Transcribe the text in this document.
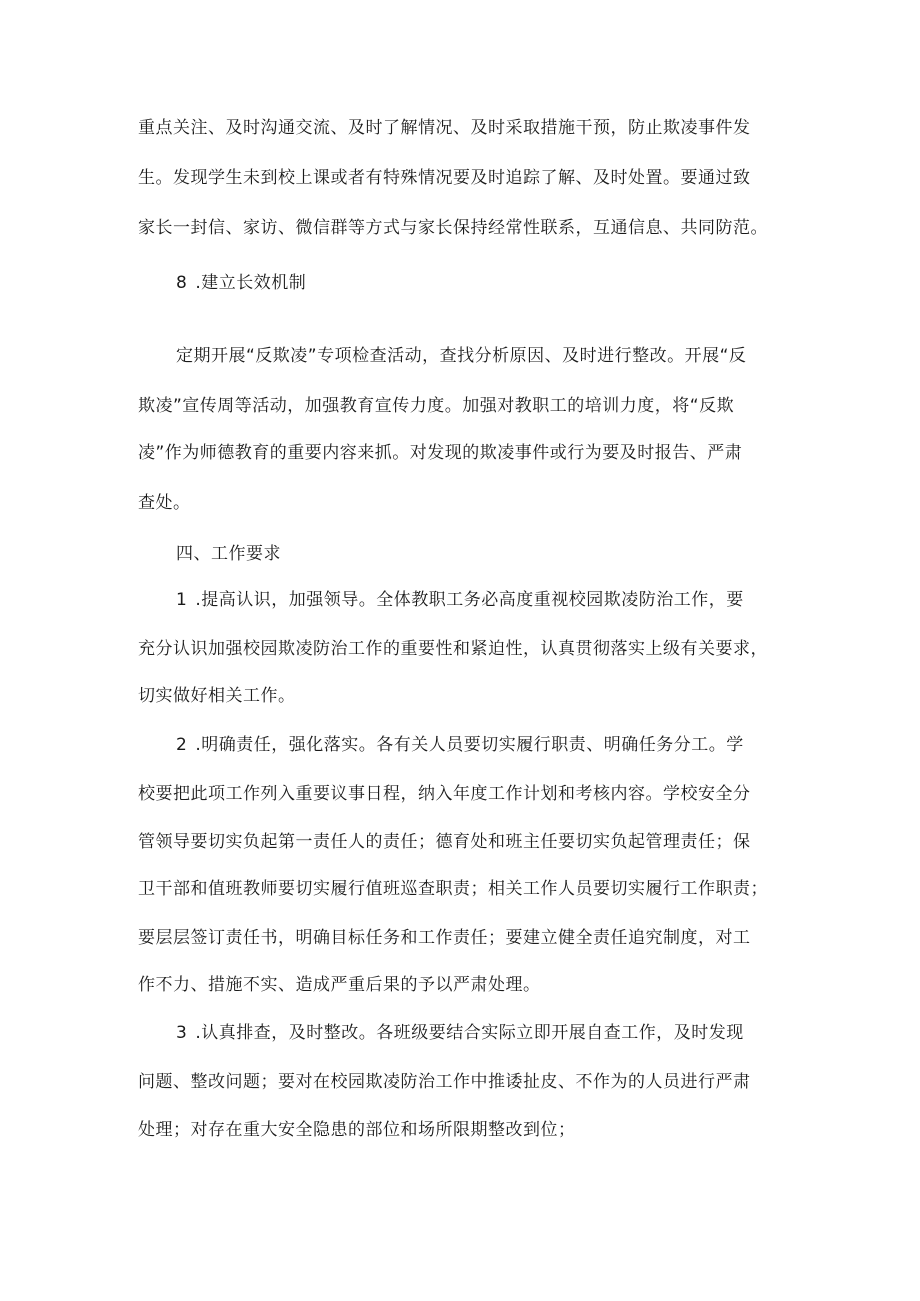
重点关注、及时沟通交流、及时了解情况、及时采取措施干预，防止欺凌事件发
生。发现学生未到校上课或者有特殊情况要及时追踪了解、及时处置。要通过致
家长一封信、家访、微信群等方式与家长保持经常性联系，互通信息、共同防范。
8 .建立长效机制
定期开展“反欺凌”专项检查活动，查找分析原因、及时进行整改。开展“反
欺凌”宣传周等活动，加强教育宣传力度。加强对教职工的培训力度，将“反欺
凌”作为师德教育的重要内容来抓。对发现的欺凌事件或行为要及时报告、严肃
查处。
四、工作要求
1 .提高认识，加强领导。全体教职工务必高度重视校园欺凌防治工作，要
充分认识加强校园欺凌防治工作的重要性和紧迫性，认真贯彻落实上级有关要求，
切实做好相关工作。
2 .明确责任，强化落实。各有关人员要切实履行职责、明确任务分工。学
校要把此项工作列入重要议事日程，纳入年度工作计划和考核内容。学校安全分
管领导要切实负起第一责任人的责任；德育处和班主任要切实负起管理责任；保
卫干部和值班教师要切实履行值班巡查职责；相关工作人员要切实履行工作职责；
要层层签订责任书，明确目标任务和工作责任；要建立健全责任追究制度，对工
作不力、措施不实、造成严重后果的予以严肃处理。
3 .认真排查，及时整改。各班级要结合实际立即开展自查工作，及时发现
问题、整改问题；要对在校园欺凌防治工作中推诿扯皮、不作为的人员进行严肃
处理；对存在重大安全隐患的部位和场所限期整改到位；
